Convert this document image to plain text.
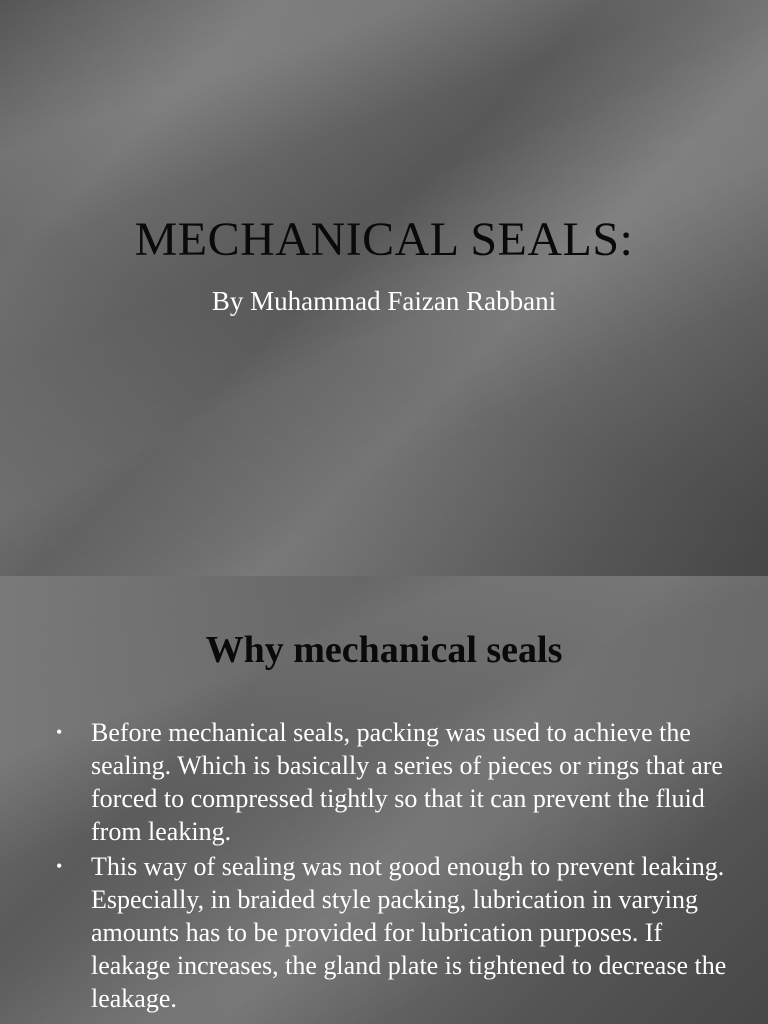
MECHANICAL SEALS:
By Muhammad Faizan Rabbani
Why mechanical seals
• Before mechanical seals, packing was used to achieve the sealing. Which is basically a series of pieces or rings that are forced to compressed tightly so that it can prevent the fluid from leaking.
• This way of sealing was not good enough to prevent leaking. Especially, in braided style packing, lubrication in varying amounts has to be provided for lubrication purposes. If leakage increases, the gland plate is tightened to decrease the leakage.
